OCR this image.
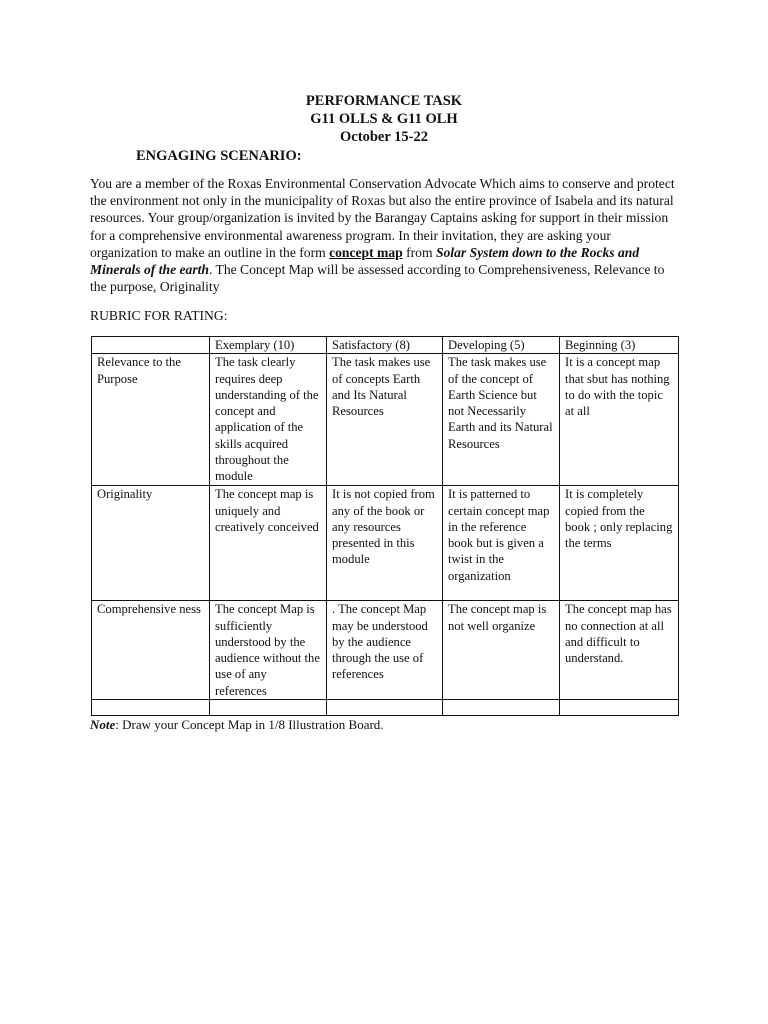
PERFORMANCE TASK
G11 OLLS & G11 OLH
October 15-22
ENGAGING SCENARIO:
You are a member of the Roxas Environmental Conservation Advocate Which aims to conserve and protect the environment not only in the municipality of Roxas but also the entire province of Isabela and its natural resources. Your group/organization is invited by the Barangay Captains asking for support in their mission for a comprehensive environmental awareness program. In their invitation, they are asking your organization to make an outline in the form concept map from Solar System down to the Rocks and Minerals of the earth. The Concept Map will be assessed according to Comprehensiveness, Relevance to the purpose, Originality
RUBRIC FOR RATING:
	Exemplary (10)	Satisfactory (8)	Developing (5)	Beginning (3)
Relevance to the Purpose	The task clearly requires deep understanding of the concept and application of the skills acquired throughout the module	The task makes use of concepts Earth and Its Natural Resources	The task makes use of the concept of Earth Science but not Necessarily Earth and its Natural Resources	It is a concept map that sbut has nothing to do with the topic at all
Originality	The concept map is uniquely and creatively conceived	It is not copied from any of the book or any resources presented in this module	It is patterned to certain concept map in the reference book but is given a twist in the organization	It is completely copied from the book ; only replacing the terms
Comprehensive ness	The concept Map is sufficiently understood by the audience without the use of any references	. The concept Map may be understood by the audience through the use of references	The concept map is not well organize	The concept map has no connection at all and difficult to understand.

Note: Draw your Concept Map in 1/8 Illustration Board.
